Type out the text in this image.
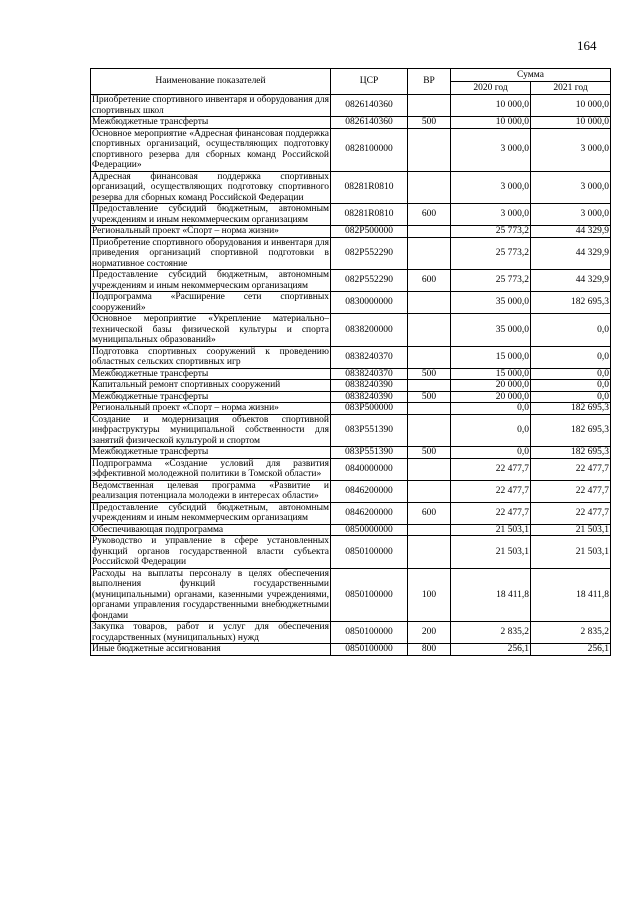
164
Наименование показателей	ЦСР	ВР	Сумма	
			2020 год	2021 год
Приобретение спортивного инвентаря и оборудования для спортивных школ	0826140360		10 000,0	10 000,0
Межбюджетные трансферты	0826140360	500	10 000,0	10 000,0
Основное мероприятие «Адресная финансовая поддержка спортивных организаций, осуществляющих подготовку спортивного резерва для сборных команд Российской Федерации»	0828100000		3 000,0	3 000,0
Адресная финансовая поддержка спортивных организаций, осуществляющих подготовку спортивного резерва для сборных команд Российской Федерации	08281R0810		3 000,0	3 000,0
Предоставление субсидий бюджетным, автономным учреждениям и иным некоммерческим организациям	08281R0810	600	3 000,0	3 000,0
Региональный проект «Спорт – норма жизни»	082P500000		25 773,2	44 329,9
Приобретение спортивного оборудования и инвентаря для приведения организаций спортивной подготовки в нормативное состояние	082P552290		25 773,2	44 329,9
Предоставление субсидий бюджетным, автономным учреждениям и иным некоммерческим организациям	082P552290	600	25 773,2	44 329,9
Подпрограмма «Расширение сети спортивных сооружений»	0830000000		35 000,0	182 695,3
Основное мероприятие «Укрепление материально–технической базы физической культуры и спорта муниципальных образований»	0838200000		35 000,0	0,0
Подготовка спортивных сооружений к проведению областных сельских спортивных игр	0838240370		15 000,0	0,0
Межбюджетные трансферты	0838240370	500	15 000,0	0,0
Капитальный ремонт спортивных сооружений	0838240390		20 000,0	0,0
Межбюджетные трансферты	0838240390	500	20 000,0	0,0
Региональный проект «Спорт – норма жизни»	083P500000		0,0	182 695,3
Создание и модернизация объектов спортивной инфраструктуры муниципальной собственности для занятий физической культурой и спортом	083P551390		0,0	182 695,3
Межбюджетные трансферты	083P551390	500	0,0	182 695,3
Подпрограмма «Создание условий для развития эффективной молодежной политики в Томской области»	0840000000		22 477,7	22 477,7
Ведомственная целевая программа «Развитие и реализация потенциала молодежи в интересах области»	0846200000		22 477,7	22 477,7
Предоставление субсидий бюджетным, автономным учреждениям и иным некоммерческим организациям	0846200000	600	22 477,7	22 477,7
Обеспечивающая подпрограмма	0850000000		21 503,1	21 503,1
Руководство и управление в сфере установленных функций органов государственной власти субъекта Российской Федерации	0850100000		21 503,1	21 503,1
Расходы на выплаты персоналу в целях обеспечения выполнения функций государственными (муниципальными) органами, казенными учреждениями, органами управления государственными внебюджетными фондами	0850100000	100	18 411,8	18 411,8
Закупка товаров, работ и услуг для обеспечения государственных (муниципальных) нужд	0850100000	200	2 835,2	2 835,2
Иные бюджетные ассигнования	0850100000	800	256,1	256,1
